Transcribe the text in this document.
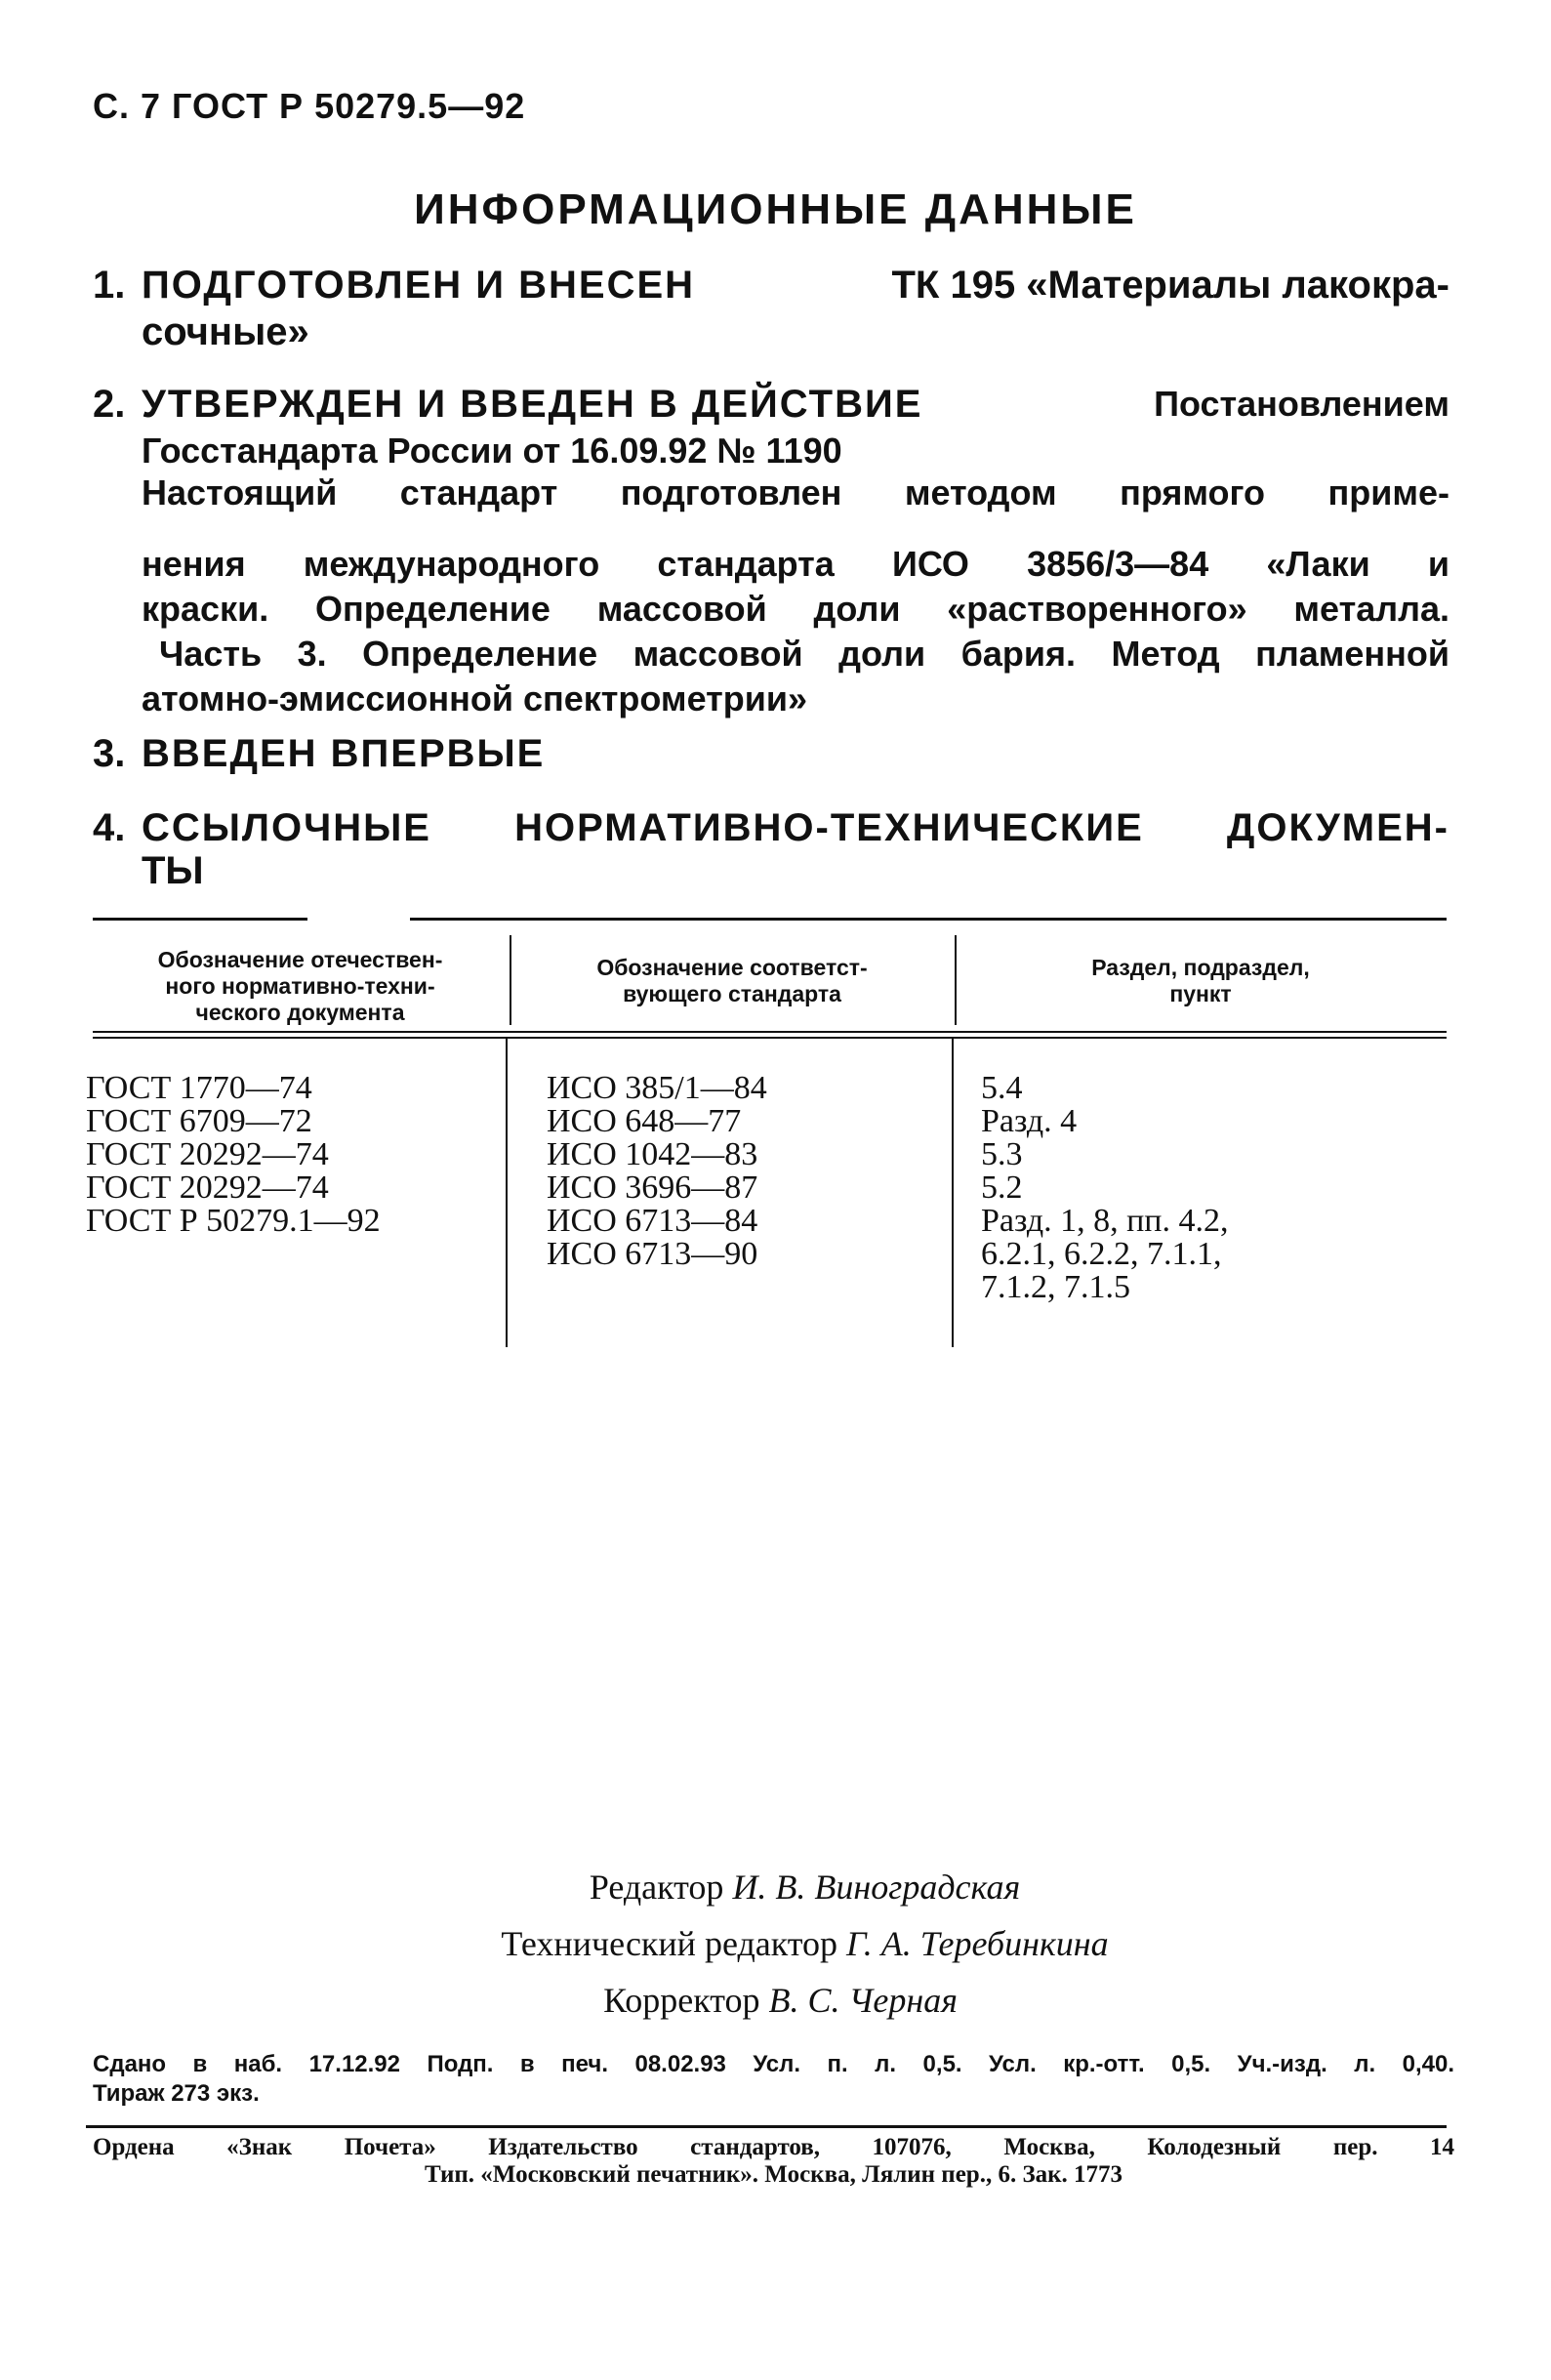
С. 7 ГОСТ Р 50279.5—92
ИНФОРМАЦИОННЫЕ ДАННЫЕ
1. ПОДГОТОВЛЕН И ВНЕСЕН	ТК 195 «Материалы лакокра-
сочные»
2. УТВЕРЖДЕН И ВВЕДЕН В ДЕЙСТВИЕ	Постановлением
Госстандарта России от 16.09.92 № 1190
Настоящий стандарт подготовлен методом прямого приме-
нения международного стандарта ИСО 3856/3—84 «Лаки и
краски. Определение массовой доли «растворенного» металла.
Часть 3. Определение массовой доли бария. Метод пламенной
атомно-эмиссионной спектрометрии»
3. ВВЕДЕН ВПЕРВЫЕ
4. ССЫЛОЧНЫЕ НОРМАТИВНО-ТЕХНИЧЕСКИЕ ДОКУМЕН-
ТЫ
Обозначение отечествен-
ного нормативно-техни-
ческого документа
Обозначение соответст-
вующего стандарта
Раздел, подраздел,
пункт
ГОСТ 1770—74
ГОСТ 6709—72
ГОСТ 20292—74
ГОСТ 20292—74
ГОСТ Р 50279.1—92
ИСО 385/1—84
ИСО 648—77
ИСО 1042—83
ИСО 3696—87
ИСО 6713—84
ИСО 6713—90
5.4
Разд. 4
5.3
5.2
Разд. 1, 8, пп. 4.2,
6.2.1, 6.2.2, 7.1.1,
7.1.2, 7.1.5
Редактор И. В. Виноградская
Технический редактор Г. А. Теребинкина
Корректор В. С. Черная
Сдано в наб. 17.12.92 Подп. в печ. 08.02.93 Усл. п. л. 0,5. Усл. кр.-отт. 0,5. Уч.-изд. л. 0,40.
Тираж 273 экз.
Ордена «Знак Почета» Издательство стандартов, 107076, Москва, Колодезный пер. 14
Тип. «Московский печатник». Москва, Лялин пер., 6. Зак. 1773
